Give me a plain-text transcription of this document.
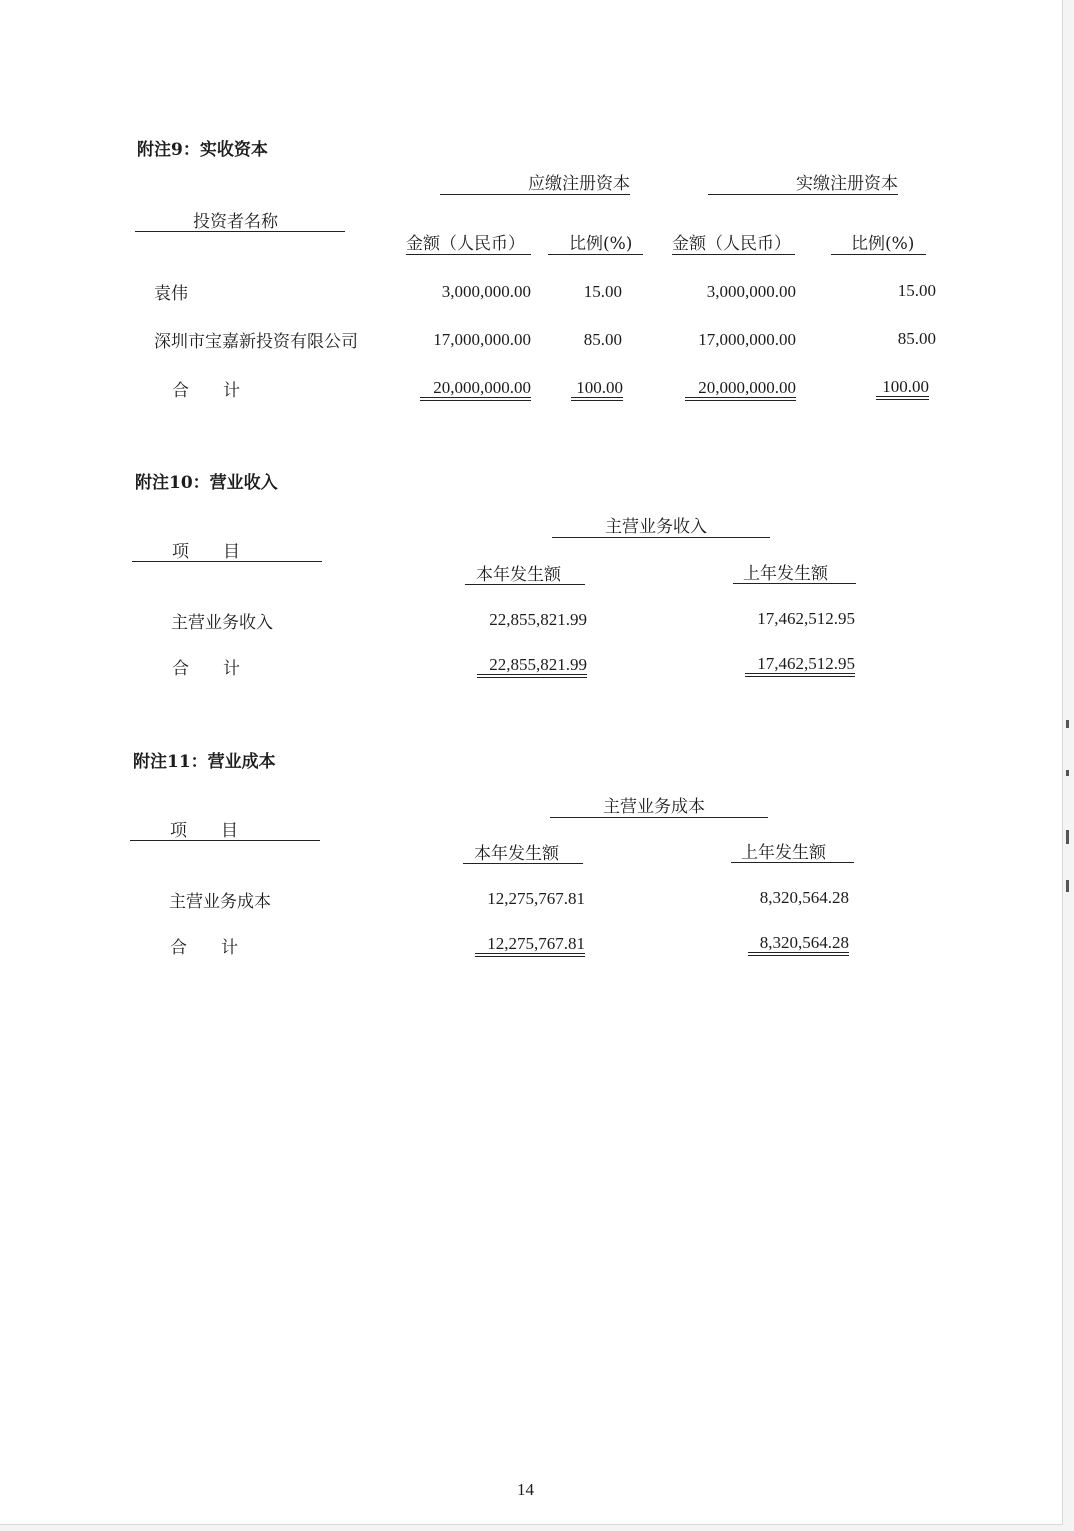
附注9：实收资本
应缴注册资本	实缴注册资本
投资者名称
金额（人民币）	比例(%) 金额（人民币）	比例(%)
袁伟	3,000,000.00	15.00	3,000,000.00	15.00
深圳市宝嘉新投资有限公司	17,000,000.00	85.00	17,000,000.00	85.00
合　　计	20,000,000.00	100.00	20,000,000.00	100.00
附注10：营业收入
主营业务收入
项　　目
本年发生额	上年发生额
主营业务收入	22,855,821.99	17,462,512.95
合　　计	22,855,821.99	17,462,512.95
附注11：营业成本
主营业务成本
项　　目
本年发生额	上年发生额
主营业务成本	12,275,767.81	8,320,564.28
合　　计	12,275,767.81	8,320,564.28
14
